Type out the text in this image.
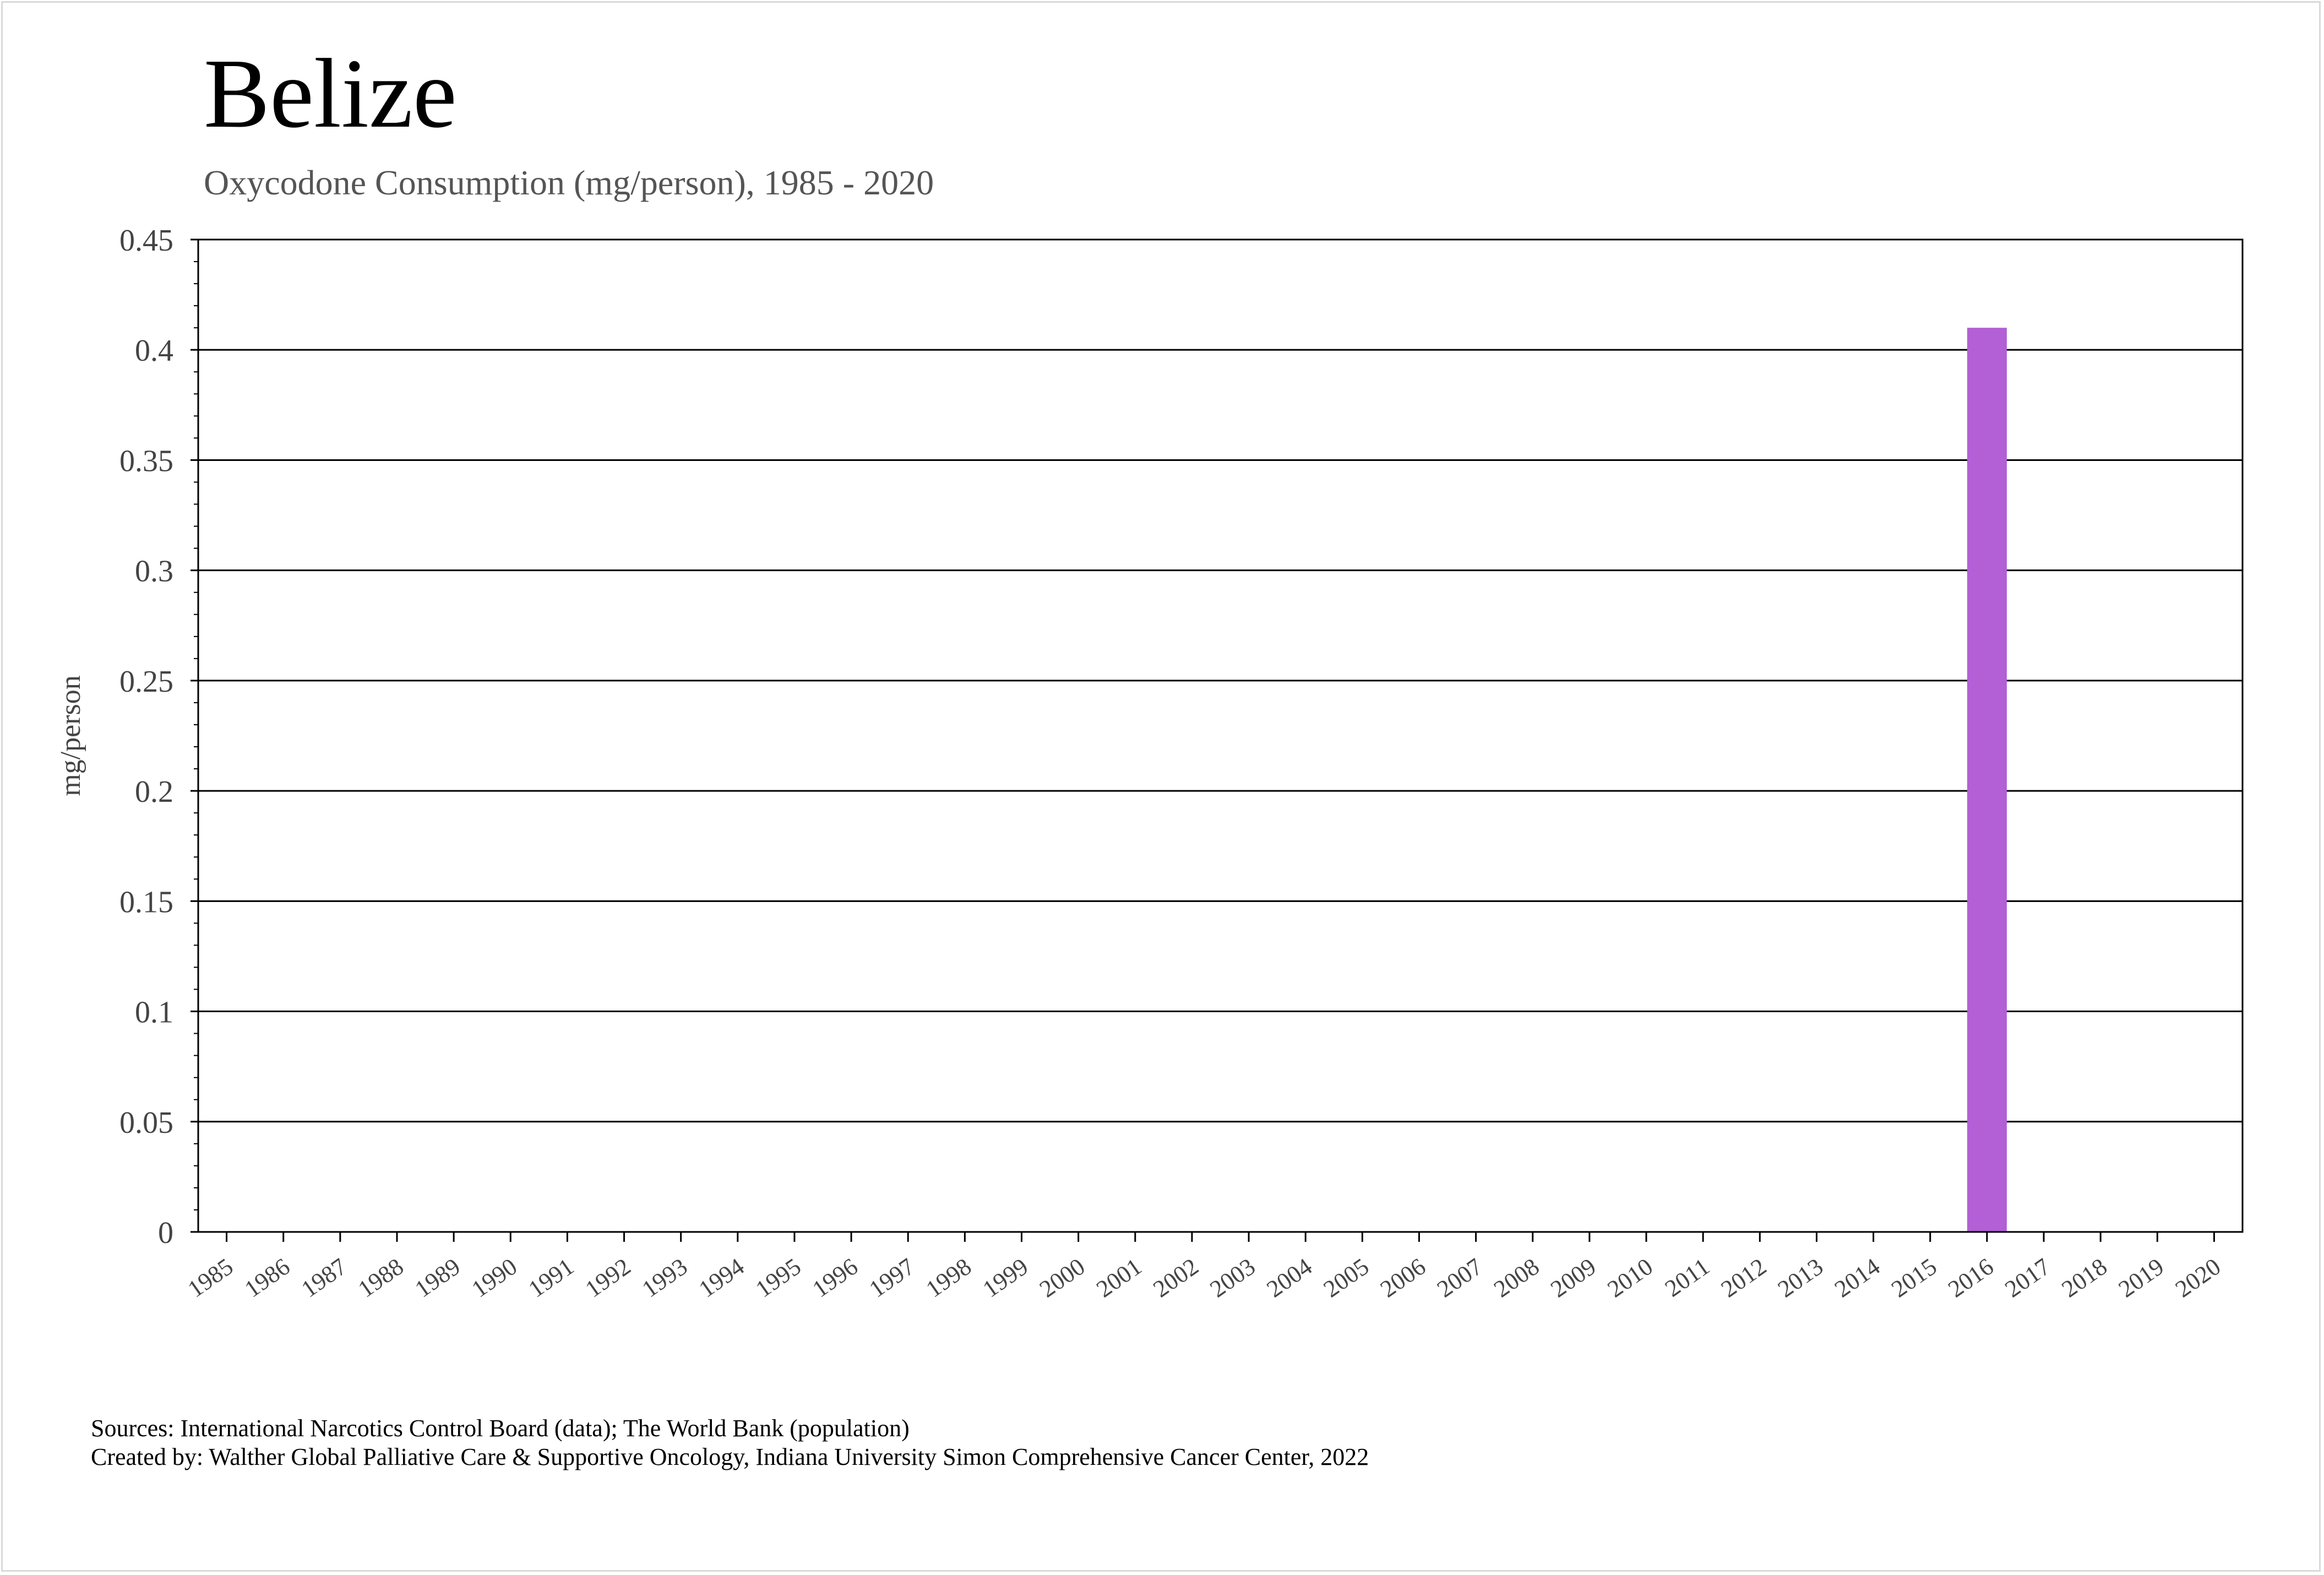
Belize
Oxycodone Consumption (mg/person), 1985 - 2020
0
0.05
0.1
0.15
0.2
0.25
0.3
0.35
0.4
0.45
1985 1986 1987 1988 1989 1990 1991 1992 1993 1994 1995 1996 1997 1998 1999 2000 2001 2002 2003 2004 2005 2006 2007 2008 2009 2010 2011 2012 2013 2014 2015 2016 2017 2018 2019 2020
mg/person
Sources: International Narcotics Control Board (data); The World Bank (population)
Created by: Walther Global Palliative Care & Supportive Oncology, Indiana University Simon Comprehensive Cancer Center, 2022
